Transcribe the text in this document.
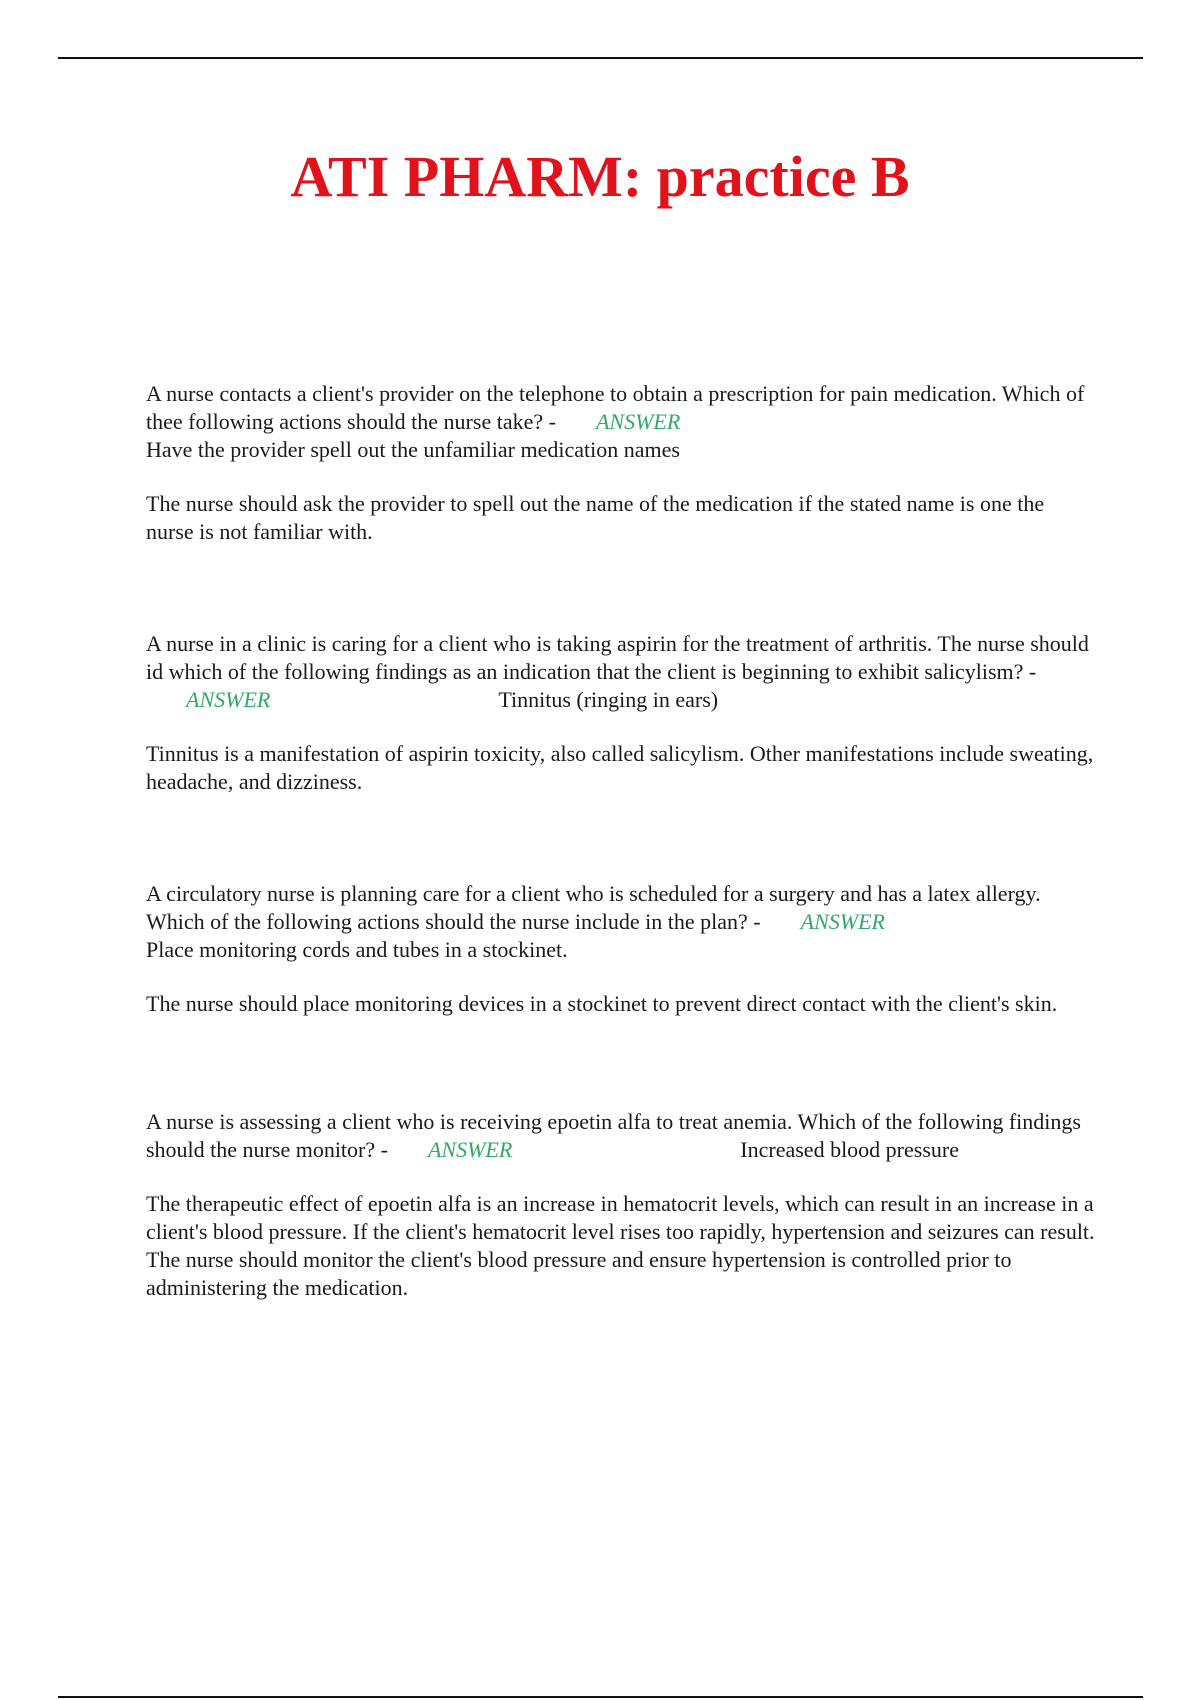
ATI PHARM: practice B

A nurse contacts a client's provider on the telephone to obtain a prescription for pain medication. Which of thee following actions should the nurse take? - ANSWER
Have the provider spell out the unfamiliar medication names

The nurse should ask the provider to spell out the name of the medication if the stated name is one the nurse is not familiar with.

A nurse in a clinic is caring for a client who is taking aspirin for the treatment of arthritis. The nurse should id which of the following findings as an indication that the client is beginning to exhibit salicylism? -ANSWER	Tinnitus (ringing in ears)

Tinnitus is a manifestation of aspirin toxicity, also called salicylism. Other manifestations include sweating, headache, and dizziness.

A circulatory nurse is planning care for a client who is scheduled for a surgery and has a latex allergy. Which of the following actions should the nurse include in the plan? - ANSWER
Place monitoring cords and tubes in a stockinet.

The nurse should place monitoring devices in a stockinet to prevent direct contact with the client's skin.

A nurse is assessing a client who is receiving epoetin alfa to treat anemia. Which of the following findings should the nurse monitor? - ANSWER	Increased blood pressure

The therapeutic effect of epoetin alfa is an increase in hematocrit levels, which can result in an increase in a client's blood pressure. If the client's hematocrit level rises too rapidly, hypertension and seizures can result. The nurse should monitor the client's blood pressure and ensure hypertension is controlled prior to administering the medication.
